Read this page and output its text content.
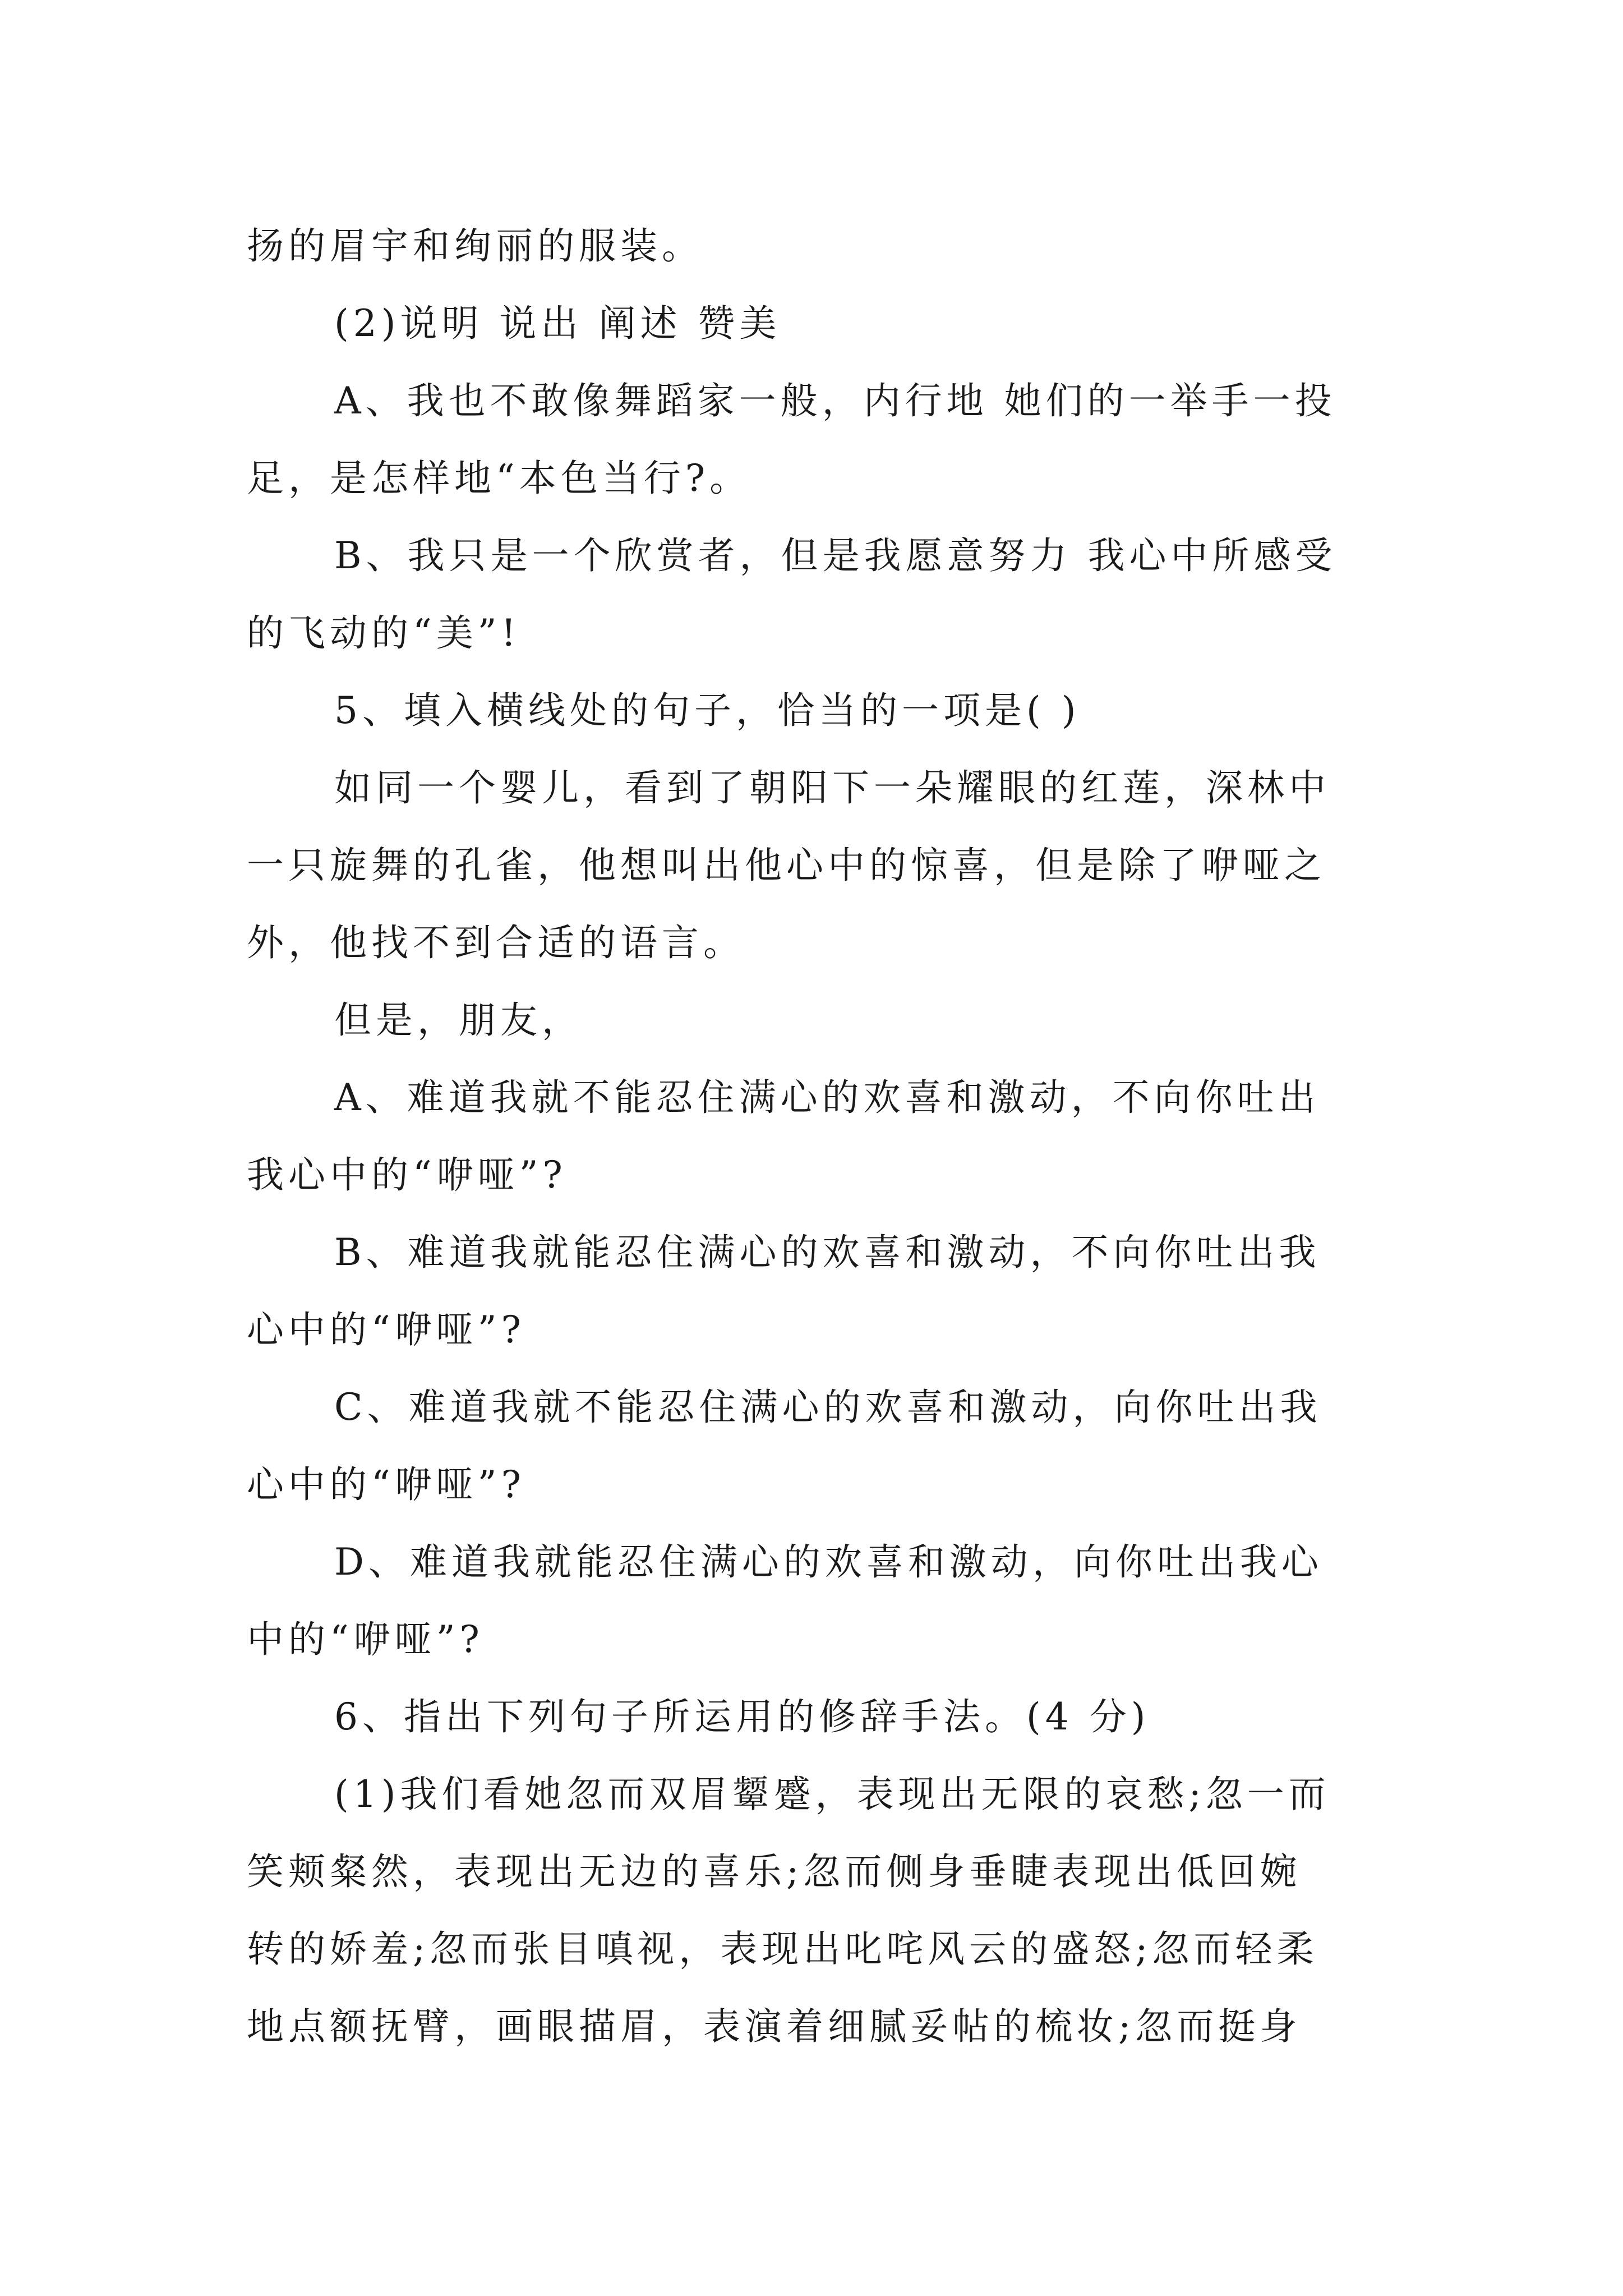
扬的眉宇和绚丽的服装。
(2)说明 说出 阐述 赞美
A、我也不敢像舞蹈家一般，内行地 她们的一举手一投
足，是怎样地“本色当行?。
B、我只是一个欣赏者，但是我愿意努力 我心中所感受
的飞动的“美”!
5、填入横线处的句子，恰当的一项是( )
如同一个婴儿，看到了朝阳下一朵耀眼的红莲，深林中
一只旋舞的孔雀，他想叫出他心中的惊喜，但是除了咿哑之
外，他找不到合适的语言。
但是，朋友，
A、难道我就不能忍住满心的欢喜和激动，不向你吐出
我心中的“咿哑”?
B、难道我就能忍住满心的欢喜和激动，不向你吐出我
心中的“咿哑”?
C、难道我就不能忍住满心的欢喜和激动，向你吐出我
心中的“咿哑”?
D、难道我就能忍住满心的欢喜和激动，向你吐出我心
中的“咿哑”?
6、指出下列句子所运用的修辞手法。(4 分)
(1)我们看她忽而双眉颦蹙，表现出无限的哀愁;忽一而
笑颊粲然，表现出无边的喜乐;忽而侧身垂睫表现出低回婉
转的娇羞;忽而张目嗔视，表现出叱咤风云的盛怒;忽而轻柔
地点额抚臂，画眼描眉，表演着细腻妥帖的梳妆;忽而挺身
